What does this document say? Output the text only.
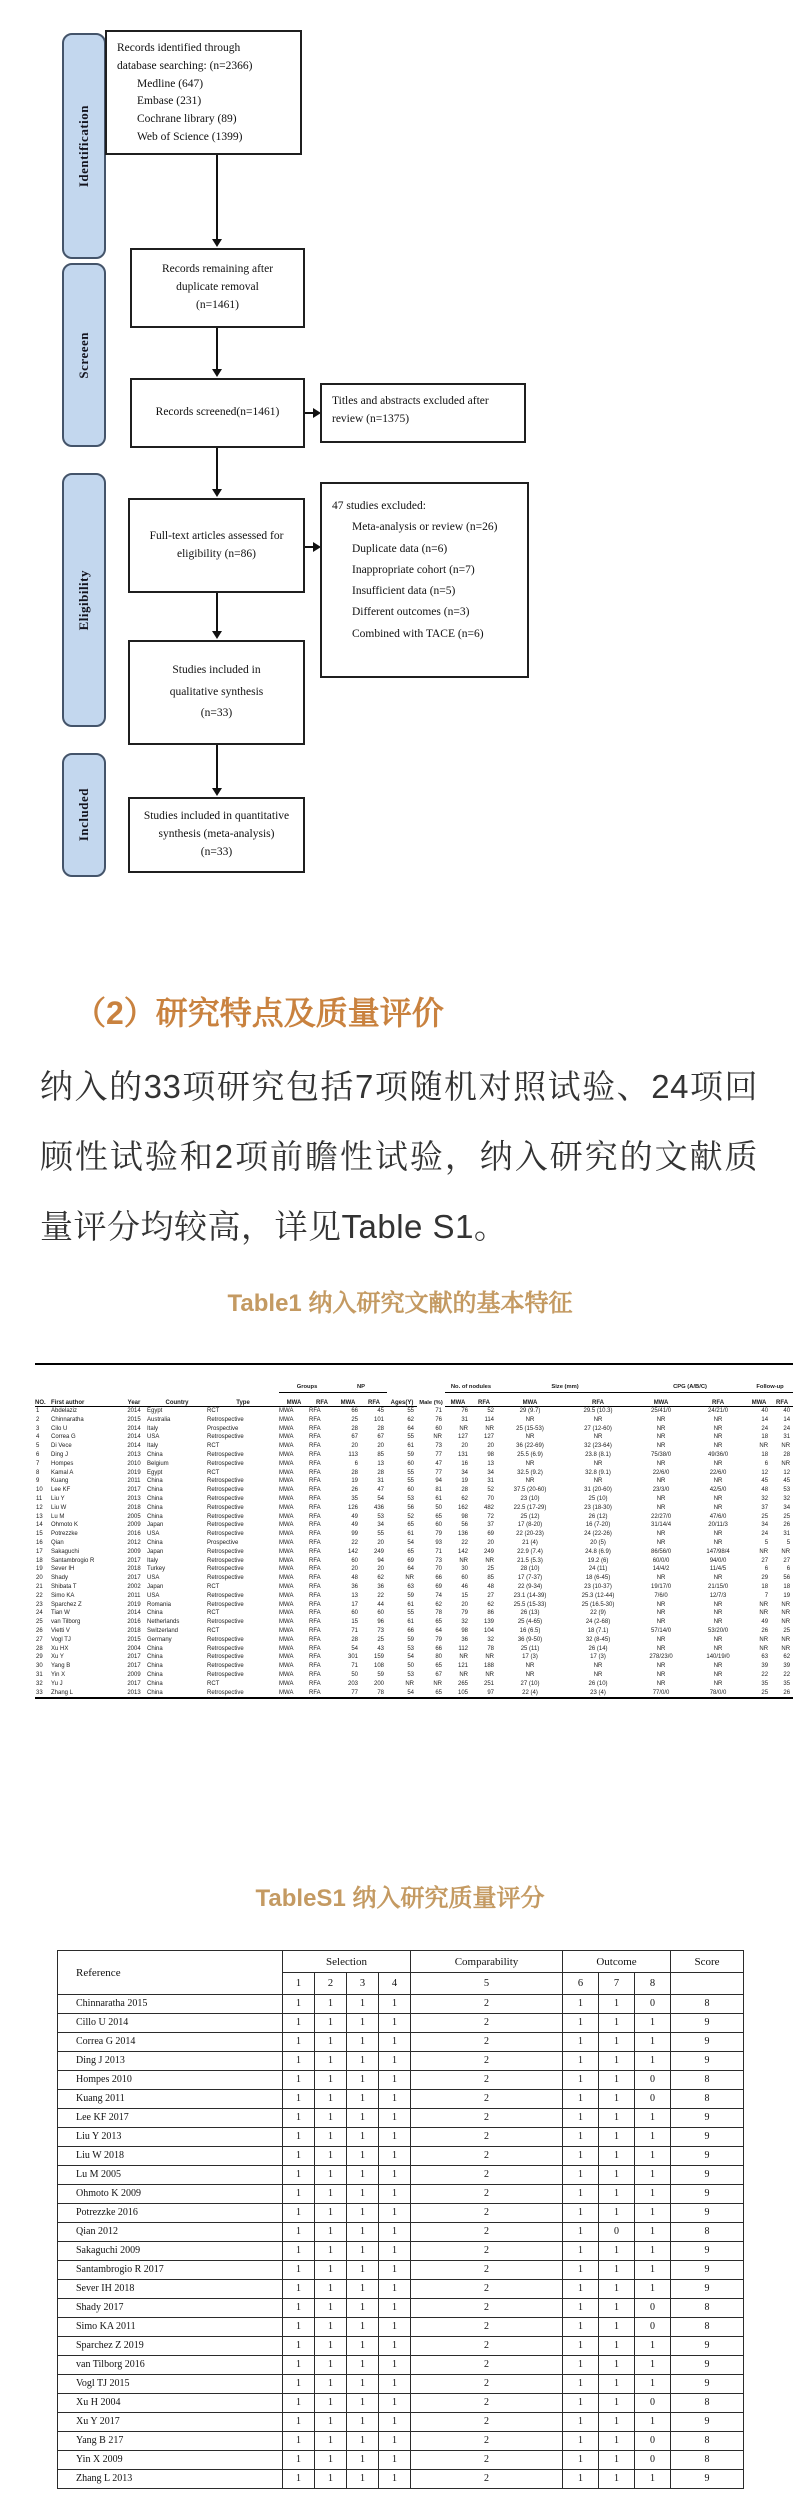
Identification
Screeen
Eligibility
Included
Records identified through
database searching: (n=2366)
Medline (647)
Embase (231)
Cochrane library (89)
Web of Science (1399)
Records remaining after
duplicate removal
(n=1461)
Records screened(n=1461)
Titles and abstracts excluded after review (n=1375)
Full-text articles assessed for
eligibility (n=86)
47 studies excluded:
Meta-analysis or review (n=26)
Duplicate data (n=6)
Inappropriate cohort (n=7)
Insufficient data (n=5)
Different outcomes (n=3)
Combined with TACE (n=6)
Studies included in
qualitative synthesis
(n=33)
Studies included in quantitative
synthesis (meta-analysis)
(n=33)
（2）研究特点及质量评价
纳入的33项研究包括7项随机对照试验、24项回顾性试验和2项前瞻性试验，纳入研究的文献质量评分均较高，详见Table S1。
Table1 纳入研究文献的基本特征
					Groups		NP			Male (%)	No. of nodules		Size (mm)		CPG (A/B/C)		Follow-up	
NO.	First author	Year	Country	Type	MWA	RFA	MWA	RFA	Ages(Y)		MWA	RFA	MWA	RFA	MWA	RFA	MWA	RFA
1	Abdelaziz	2014	Egypt	RCT	MWA	RFA	66	45	55	71	76	52	29 (9.7)	29.5 (10.3)	25/41/0	24/21/0	40	40
2	Chinnaratha	2015	Australia	Retrospective	MWA	RFA	25	101	62	76	31	114	NR	NR	NR	NR	14	14
3	Cilo U	2014	Italy	Prospective	MWA	RFA	28	28	64	60	NR	NR	25 (15-53)	27 (12-60)	NR	NR	24	24
4	Correa G	2014	USA	Retrospective	MWA	RFA	67	67	55	NR	127	127	NR	NR	NR	NR	18	31
5	Di Vece	2014	Italy	RCT	MWA	RFA	20	20	61	73	20	20	36 (22-69)	32 (23-64)	NR	NR	NR	NR
6	Ding J	2013	China	Retrospective	MWA	RFA	113	85	59	77	131	98	25.5 (6.9)	23.8 (8.1)	75/38/0	49/36/0	18	28
7	Hompes	2010	Belgium	Retrospective	MWA	RFA	6	13	60	47	16	13	NR	NR	NR	NR	6	NR
8	Kamal A	2019	Egypt	RCT	MWA	RFA	28	28	55	77	34	34	32.5 (9.2)	32.8 (9.1)	22/6/0	22/6/0	12	12
9	Kuang	2011	China	Retrospective	MWA	RFA	19	31	55	94	19	31	NR	NR	NR	NR	45	45
10	Lee KF	2017	China	Retrospective	MWA	RFA	26	47	60	81	28	52	37.5 (20-60)	31 (20-60)	23/3/0	42/5/0	48	53
11	Liu Y	2013	China	Retrospective	MWA	RFA	35	54	53	61	62	70	23 (10)	25 (10)	NR	NR	32	32
12	Liu W	2018	China	Retrospective	MWA	RFA	126	436	56	50	162	482	22.5 (17-29)	23 (18-30)	NR	NR	37	34
13	Lu M	2005	China	Retrospective	MWA	RFA	49	53	52	65	98	72	25 (12)	26 (12)	22/27/0	47/6/0	25	25
14	Ohmoto K	2009	Japan	Retrospective	MWA	RFA	49	34	65	60	56	37	17 (8-20)	16 (7-20)	31/14/4	20/11/3	34	26
15	Potrezzke	2016	USA	Retrospective	MWA	RFA	99	55	61	79	136	69	22 (20-23)	24 (22-26)	NR	NR	24	31
16	Qian	2012	China	Prospective	MWA	RFA	22	20	54	93	22	20	21 (4)	20 (5)	NR	NR	5	5
17	Sakaguchi	2009	Japan	Retrospective	MWA	RFA	142	249	65	71	142	249	22.9 (7.4)	24.8 (6.9)	86/56/0	147/98/4	NR	NR
18	Santambrogio R	2017	Italy	Retrospective	MWA	RFA	60	94	69	73	NR	NR	21.5 (5.3)	19.2 (6)	60/0/0	94/0/0	27	27
19	Sever IH	2018	Turkey	Retrospective	MWA	RFA	20	20	64	70	30	25	28 (10)	24 (11)	14/4/2	11/4/5	6	6
20	Shady	2017	USA	Retrospective	MWA	RFA	48	62	NR	66	60	85	17 (7-37)	18 (6-45)	NR	NR	29	56
21	Shibata T	2002	Japan	RCT	MWA	RFA	36	36	63	69	46	48	22 (9-34)	23 (10-37)	19/17/0	21/15/0	18	18
22	Simo KA	2011	USA	Retrospective	MWA	RFA	13	22	59	74	15	27	23.1 (14-39)	25.3 (12-44)	7/6/0	12/7/3	7	19
23	Sparchez Z	2019	Romania	Retrospective	MWA	RFA	17	44	61	62	20	62	25.5 (15-33)	25 (16.5-30)	NR	NR	NR	NR
24	Tian W	2014	China	RCT	MWA	RFA	60	60	55	78	79	86	26 (13)	22 (9)	NR	NR	NR	NR
25	van Tilborg	2016	Netherlands	Retrospective	MWA	RFA	15	96	61	65	32	139	25 (4-65)	24 (2-68)	NR	NR	49	NR
26	Vietti V	2018	Switzerland	RCT	MWA	RFA	71	73	66	64	98	104	16 (6.5)	18 (7.1)	57/14/0	53/20/0	26	25
27	Vogl TJ	2015	Germany	Retrospective	MWA	RFA	28	25	59	79	36	32	36 (9-50)	32 (8-45)	NR	NR	NR	NR
28	Xu HX	2004	China	Retrospective	MWA	RFA	54	43	53	66	112	78	25 (11)	26 (14)	NR	NR	NR	NR
29	Xu Y	2017	China	Retrospective	MWA	RFA	301	159	54	80	NR	NR	17 (3)	17 (3)	278/23/0	140/19/0	63	62
30	Yang B	2017	China	Retrospective	MWA	RFA	71	108	50	65	121	188	NR	NR	NR	NR	39	39
31	Yin X	2009	China	Retrospective	MWA	RFA	50	59	53	67	NR	NR	NR	NR	NR	NR	22	22
32	Yu J	2017	China	RCT	MWA	RFA	203	200	NR	NR	265	251	27 (10)	26 (10)	NR	NR	35	35
33	Zhang L	2013	China	Retrospective	MWA	RFA	77	78	54	65	105	97	22 (4)	23 (4)	77/0/0	78/0/0	25	26
TableS1 纳入研究质量评分
Reference	Selection				Comparability	Outcome			Score
	1	2	3	4	5	6	7	8	
Chinnaratha 2015	1	1	1	1	2	1	1	0	8
Cillo U 2014	1	1	1	1	2	1	1	1	9
Correa G 2014	1	1	1	1	2	1	1	1	9
Ding J 2013	1	1	1	1	2	1	1	1	9
Hompes 2010	1	1	1	1	2	1	1	0	8
Kuang 2011	1	1	1	1	2	1	1	0	8
Lee KF 2017	1	1	1	1	2	1	1	1	9
Liu Y 2013	1	1	1	1	2	1	1	1	9
Liu W 2018	1	1	1	1	2	1	1	1	9
Lu M 2005	1	1	1	1	2	1	1	1	9
Ohmoto K 2009	1	1	1	1	2	1	1	1	9
Potrezzke 2016	1	1	1	1	2	1	1	1	9
Qian 2012	1	1	1	1	2	1	0	1	8
Sakaguchi 2009	1	1	1	1	2	1	1	1	9
Santambrogio R 2017	1	1	1	1	2	1	1	1	9
Sever IH 2018	1	1	1	1	2	1	1	1	9
Shady 2017	1	1	1	1	2	1	1	0	8
Simo KA 2011	1	1	1	1	2	1	1	0	8
Sparchez Z 2019	1	1	1	1	2	1	1	1	9
van Tilborg 2016	1	1	1	1	2	1	1	1	9
Vogl TJ 2015	1	1	1	1	2	1	1	1	9
Xu H 2004	1	1	1	1	2	1	1	0	8
Xu Y 2017	1	1	1	1	2	1	1	1	9
Yang B 217	1	1	1	1	2	1	1	0	8
Yin X 2009	1	1	1	1	2	1	1	0	8
Zhang L 2013	1	1	1	1	2	1	1	1	9
